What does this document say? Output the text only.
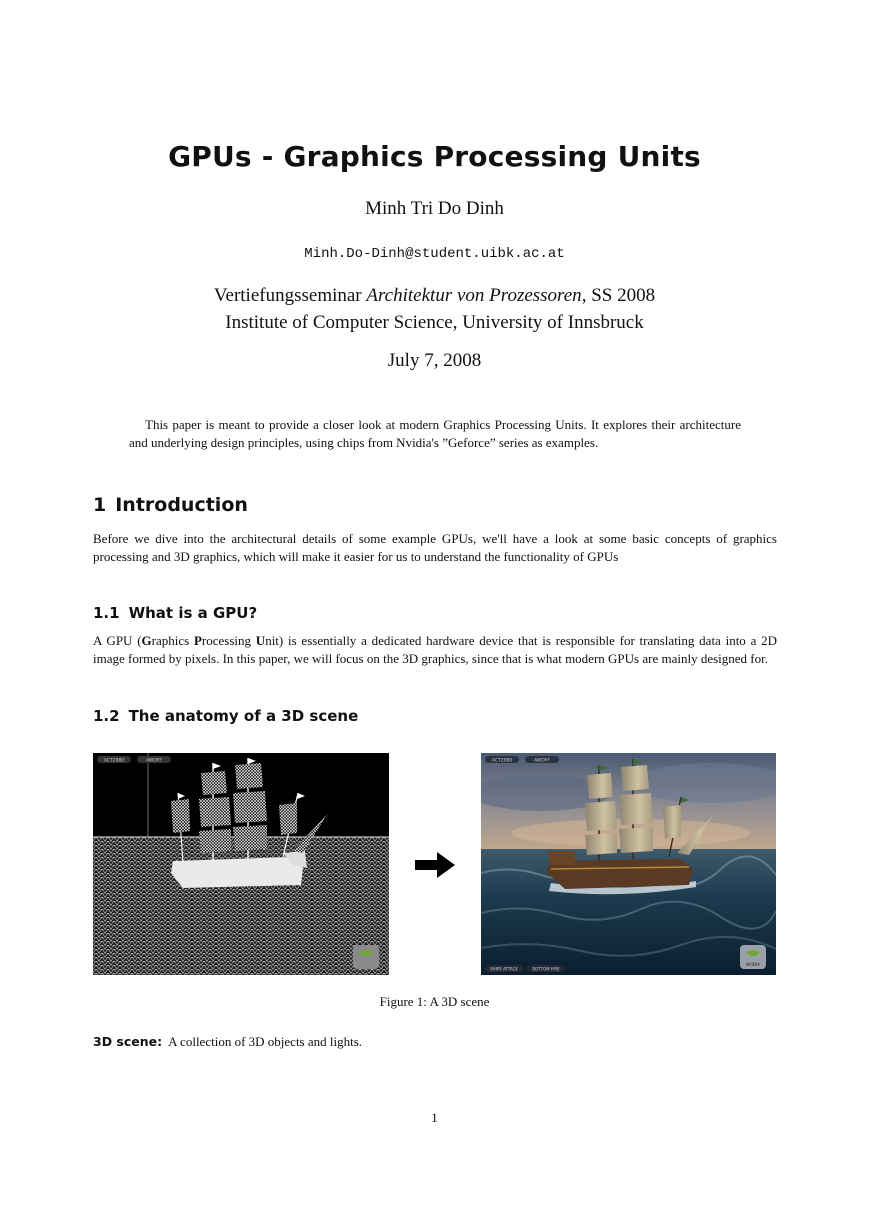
GPUs - Graphics Processing Units
Minh Tri Do Dinh
Minh.Do-Dinh@student.uibk.ac.at
Vertiefungsseminar Architektur von Prozessoren, SS 2008
Institute of Computer Science, University of Innsbruck
July 7, 2008
This paper is meant to provide a closer look at modern Graphics Processing Units. It explores their architecture and underlying design principles, using chips from Nvidia's ”Geforce” series as examples.
1 Introduction
Before we dive into the architectural details of some example GPUs, we'll have a look at some basic concepts of graphics processing and 3D graphics, which will make it easier for us to understand the functionality of GPUs
1.1 What is a GPU?
A GPU (Graphics Processing Unit) is essentially a dedicated hardware device that is responsible for translating data into a 2D image formed by pixels. In this paper, we will focus on the 3D graphics, since that is what modern GPUs are mainly designed for.
1.2 The anatomy of a 3D scene
ACT2980	AWOFF	ACT2980	AWOFF
SHIPS ATTACK	BOTTOM FIRE
NVIDIA
Figure 1: A 3D scene
3D scene: A collection of 3D objects and lights.
1
